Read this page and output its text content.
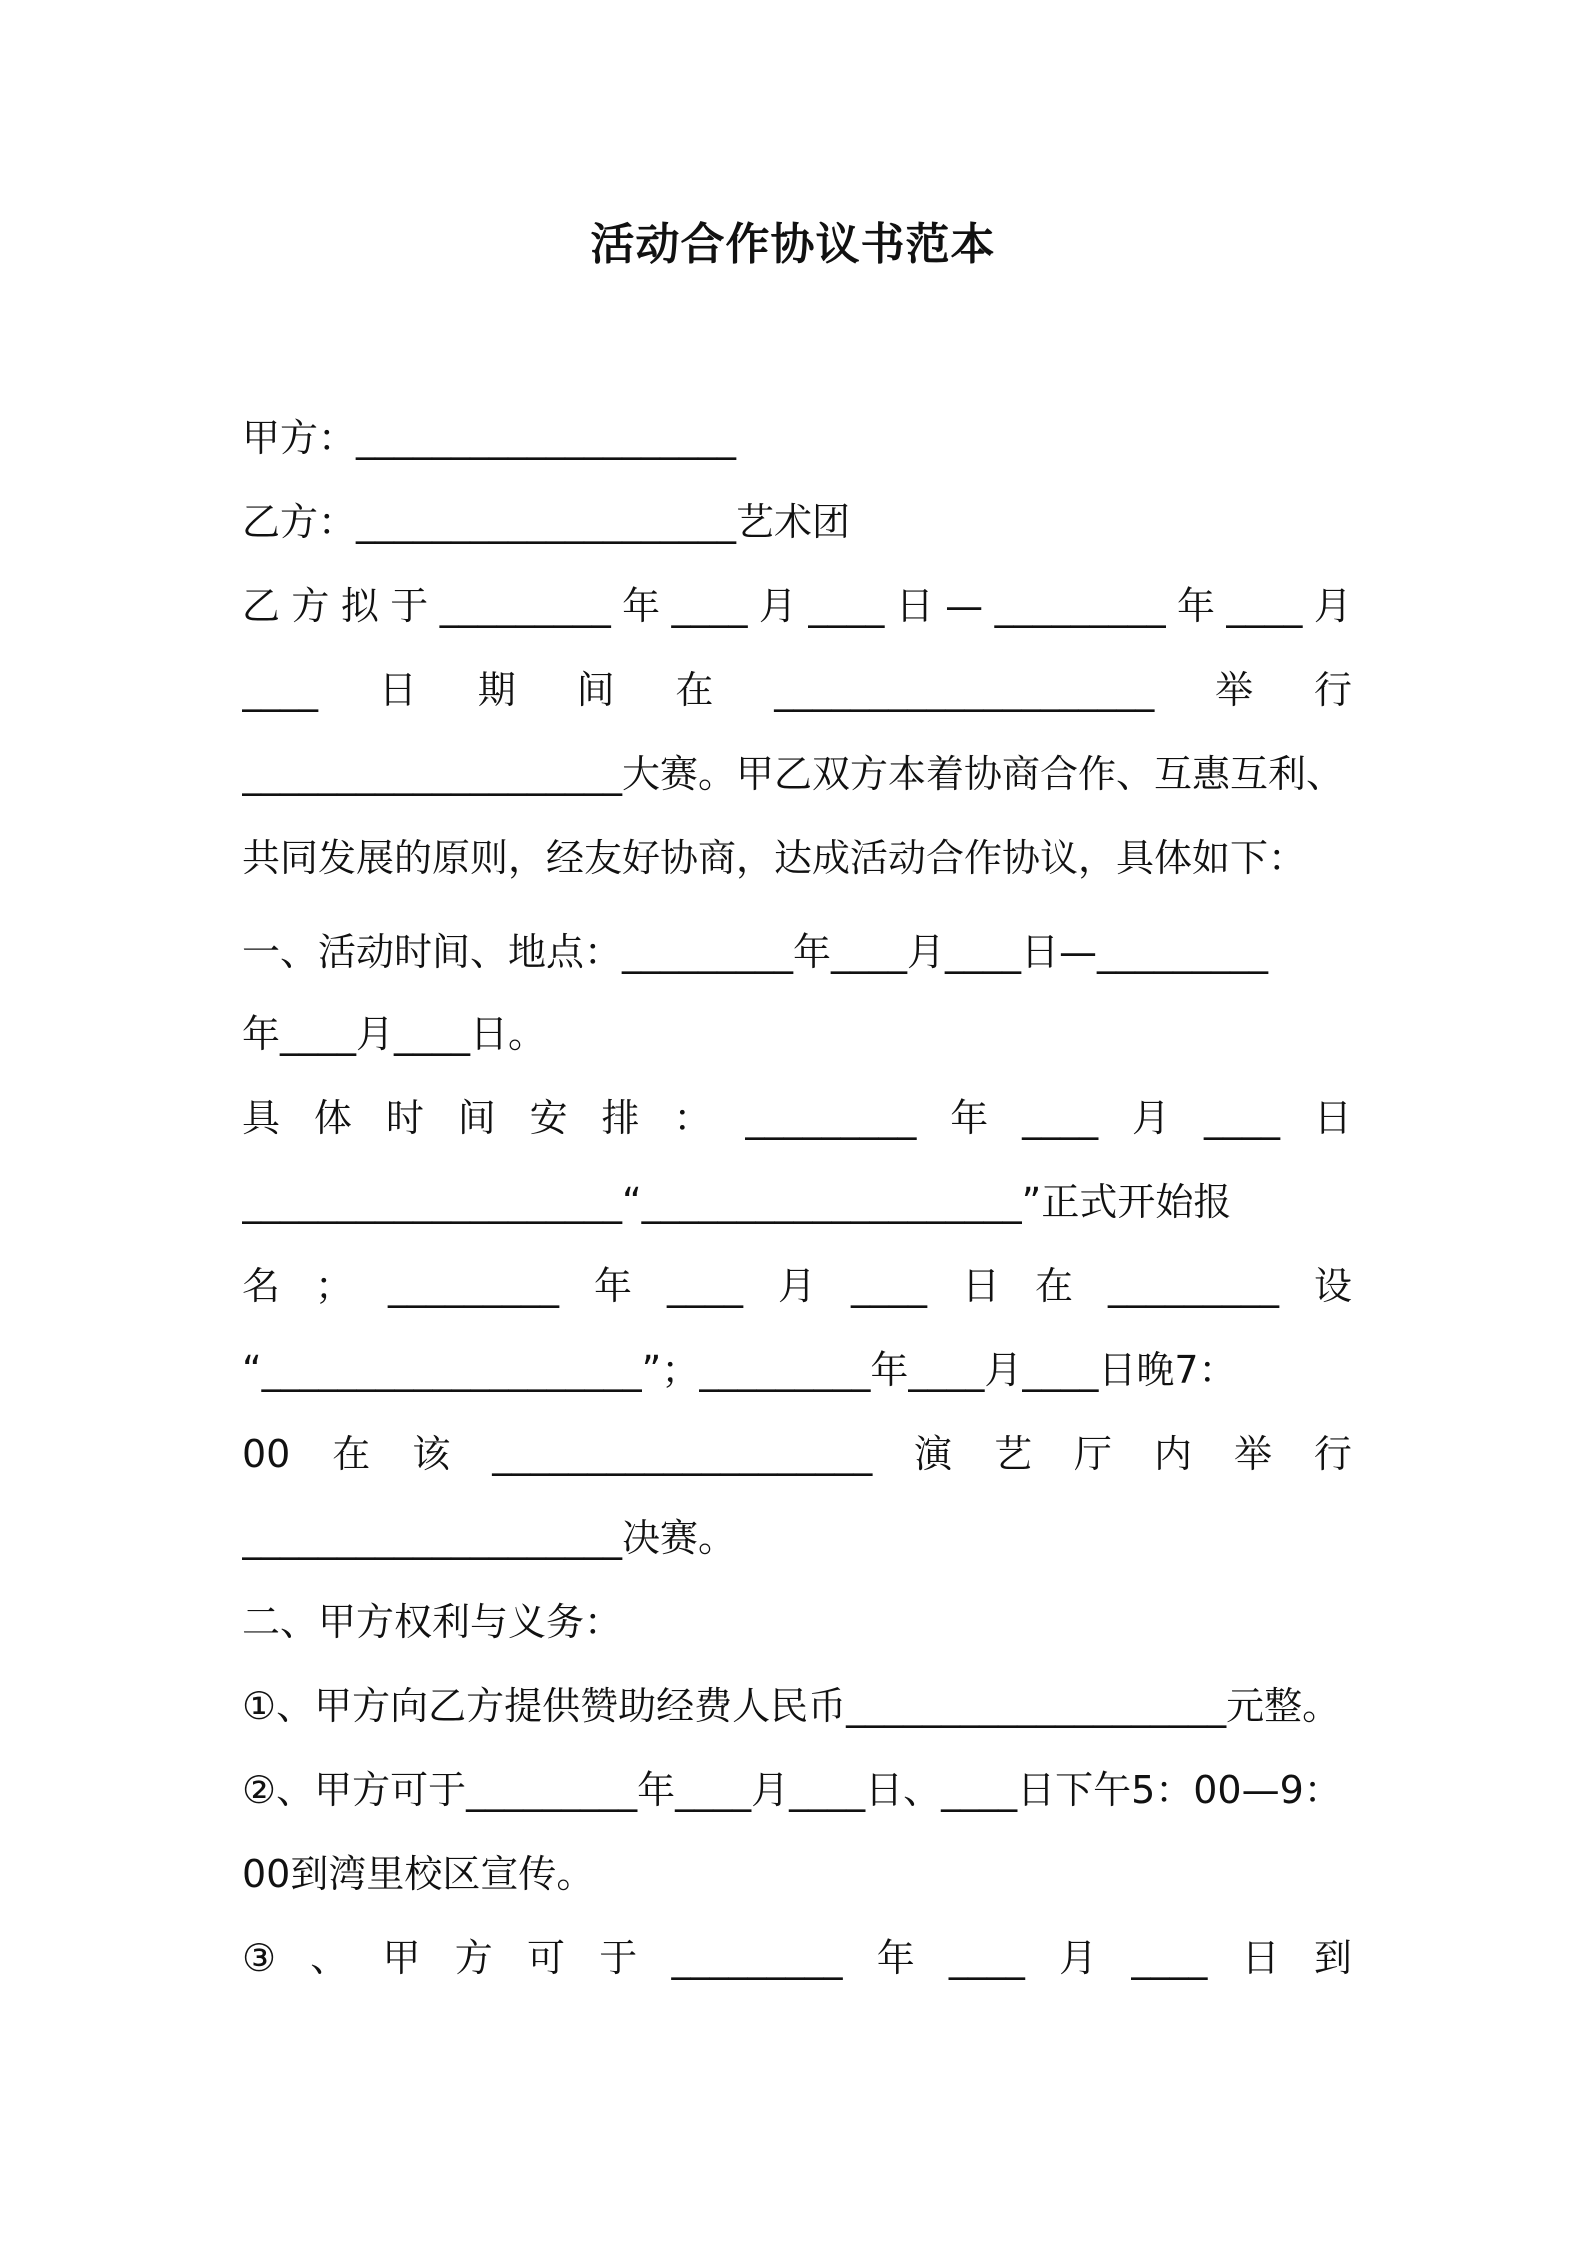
活动合作协议书范本
甲方：____________________
乙方：____________________艺术团
乙 方 拟 于 _________ 年 ____ 月 ____ 日 — _________ 年 ____ 月
____ 日 期 间 在 ____________________ 举 行
____________________大赛。甲乙双方本着协商合作、互惠互利、
共同发展的原则，经友好协商，达成活动合作协议，具体如下：
一、活动时间、地点：_________年____月____日—_________
年____月____日。
具 体 时 间 安 排 ： _________ 年 ____ 月 ____ 日
____________________“____________________”正式开始报
名 ； _________ 年 ____ 月 ____ 日 在 _________ 设
“____________________”；_________年____月____日晚7：
00 在 该 ____________________ 演 艺 厅 内 举 行
____________________决赛。
二、甲方权利与义务：
①、甲方向乙方提供赞助经费人民币____________________元整。
②、甲方可于_________年____月____日、____日下午5：00—9：
00到湾里校区宣传。
③ 、 甲 方 可 于 _________ 年 ____ 月 ____ 日 到
